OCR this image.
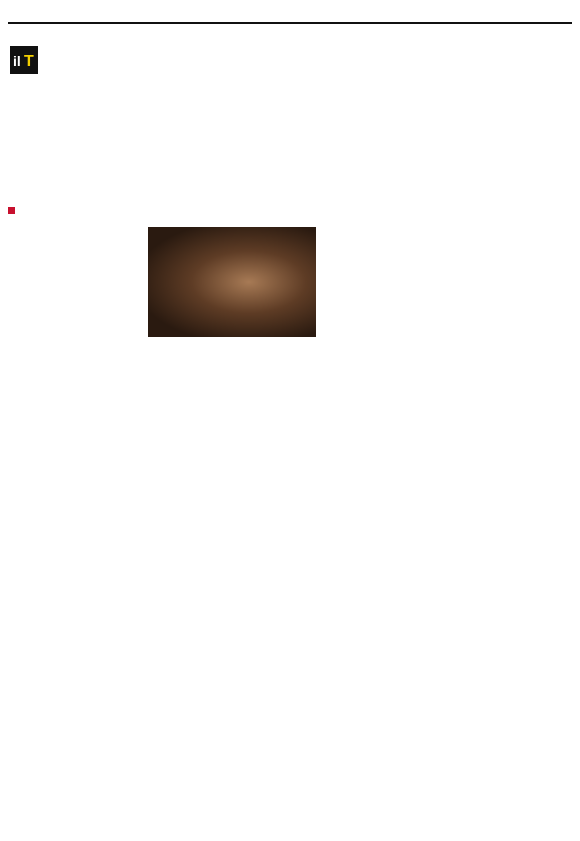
il T
